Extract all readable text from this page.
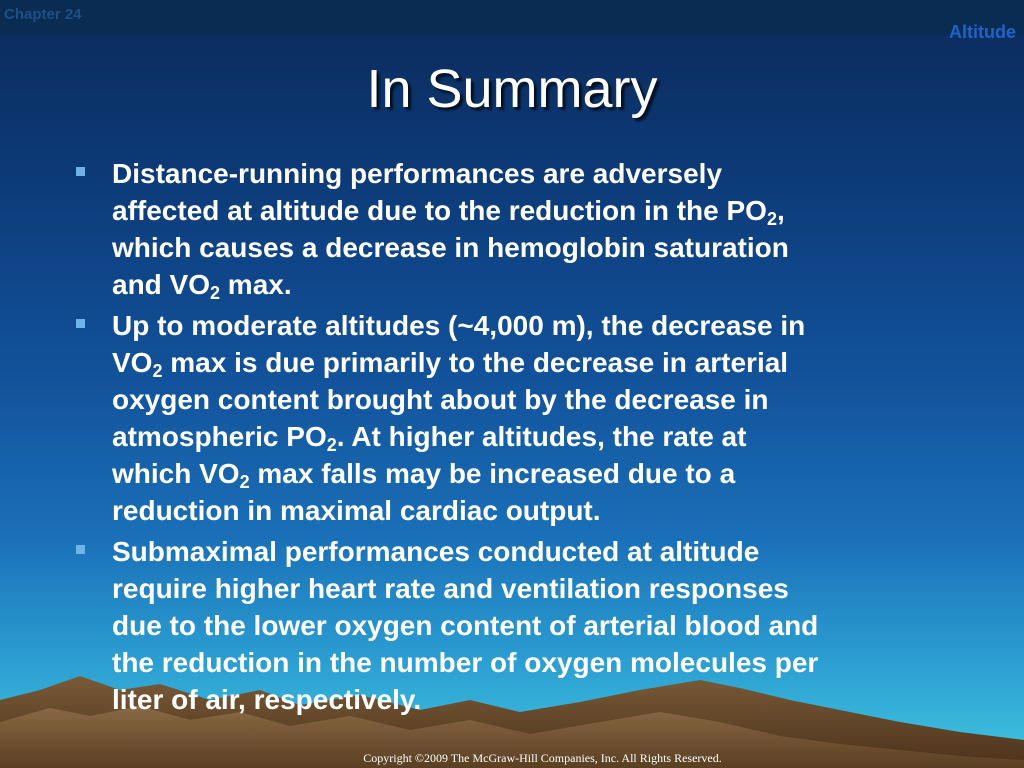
Chapter 24
Altitude
In Summary
Distance-running performances are adversely
affected at altitude due to the reduction in the $PO_2$,
which causes a decrease in hemoglobin saturation
and $VO_2$ max.
Up to moderate altitudes (~4,000 m), the decrease in
$VO_2$ max is due primarily to the decrease in arterial
oxygen content brought about by the decrease in
atmospheric $PO_2$. At higher altitudes, the rate at
which $VO_2$ max falls may be increased due to a
reduction in maximal cardiac output.
Submaximal performances conducted at altitude
require higher heart rate and ventilation responses
due to the lower oxygen content of arterial blood and
the reduction in the number of oxygen molecules per
liter of air, respectively.
Copyright ©2009 The McGraw-Hill Companies, Inc. All Rights Reserved.
